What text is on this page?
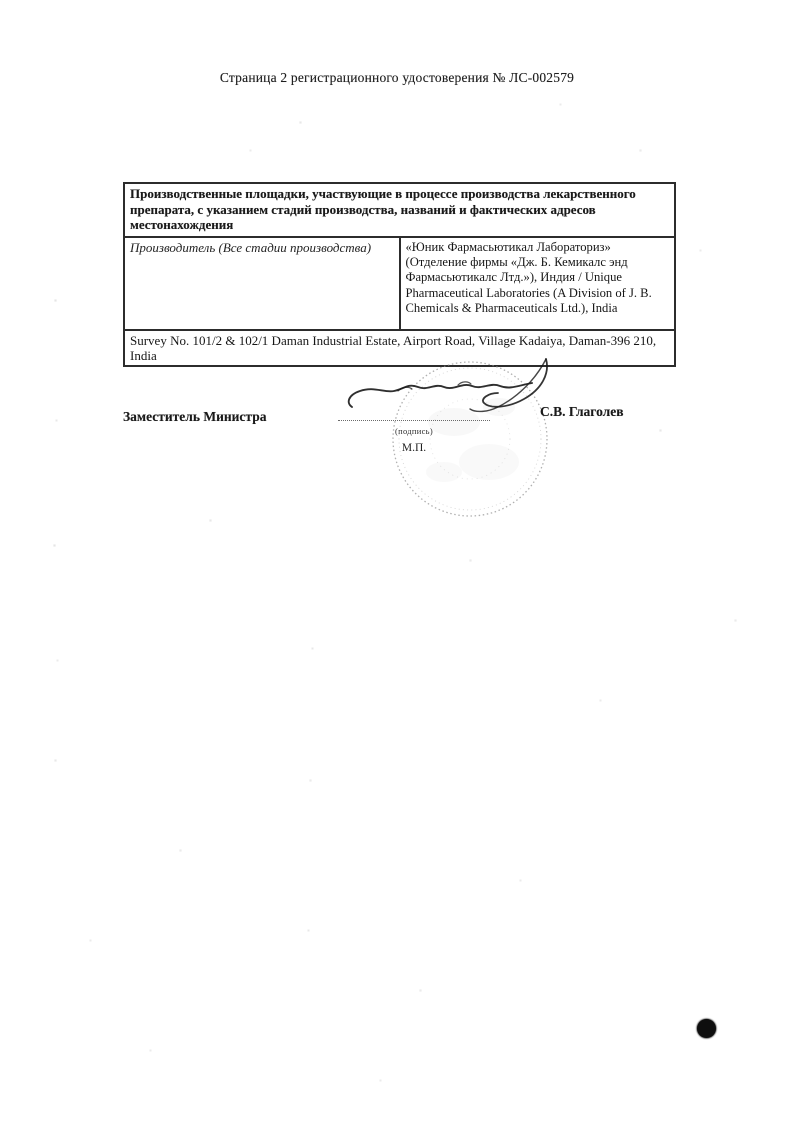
Страница 2 регистрационного удостоверения № ЛС-002579
Производственные площадки, участвующие в процессе производства лекарственного препарата, с указанием стадий производства, названий и фактических адресов местонахождения
Производитель (Все стадии производства)	«Юник Фармасьютикал Лабораториз» (Отделение фирмы «Дж. Б. Кемикалс энд Фармасьютикалс Лтд.»), Индия / Unique Pharmaceutical Laboratories (A Division of J. B. Chemicals & Pharmaceuticals Ltd.), India
Survey No. 101/2 & 102/1 Daman Industrial Estate, Airport Road, Village Kadaiya, Daman-396 210, India
Заместитель Министра
(подпись)
М.П.
С.В. Глаголев
